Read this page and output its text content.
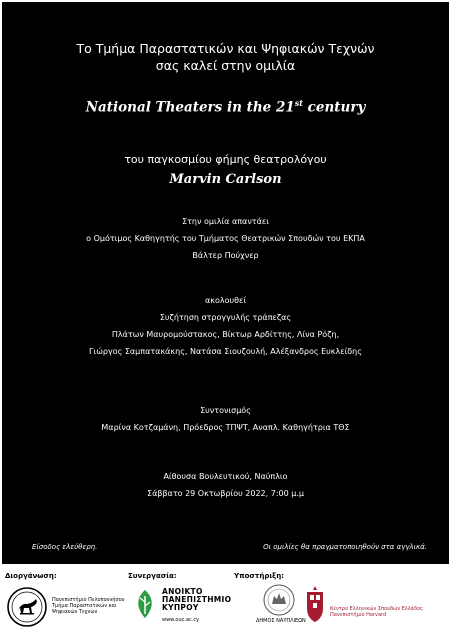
Το Τμήμα Παραστατικών και Ψηφιακών Τεχνών
σας καλεί στην ομιλία
National Theaters in the 21st century
του παγκοσμίου φήμης θεατρολόγου
Marvin Carlson
Στην ομιλία απαντάει
ο Ομότιμος Καθηγητής του Τμήματος Θεατρικών Σπουδών του ΕΚΠΑ
Βάλτερ Πούχνερ
ακολουθεί
Συζήτηση στρογγυλής τράπεζας
Πλάτων Μαυρομούστακος, Βίκτωρ Αρδίττης, Λίνα Ρόζη,
Γιώργος Σαμπατακάκης, Νατάσα Σιουζουλή, Αλέξανδρος Ευκλείδης
Συντονισμός
Μαρίνα Κοτζαμάνη, Πρόεδρος ΤΠΨΤ, Αναπλ. Καθηγήτρια ΤΘΣ
Αίθουσα Βουλευτικού, Ναύπλιο
Σάββατο 29 Οκτωβρίου 2022, 7:00 μ.μ
Είσοδος ελεύθερη.	Οι ομιλίες θα πραγματοποιηθούν στα αγγλικά.
Διοργάνωση:
Πανεπιστήμιο Πελοποννήσου
Τμήμα Παραστατικών και
Ψηφιακών Τεχνών
Συνεργασία:
ΑΝΟΙΚΤΟ
ΠΑΝΕΠΙΣΤΗΜΙΟ
ΚΥΠΡΟΥ
www.ouc.ac.cy
Υποστήριξη:
ΔΗΜΟΣ ΝΑΥΠΛΙΕΩΝ
Κέντρο Ελληνικών Σπουδών Ελλάδος
Πανεπιστήμιο Harvard
